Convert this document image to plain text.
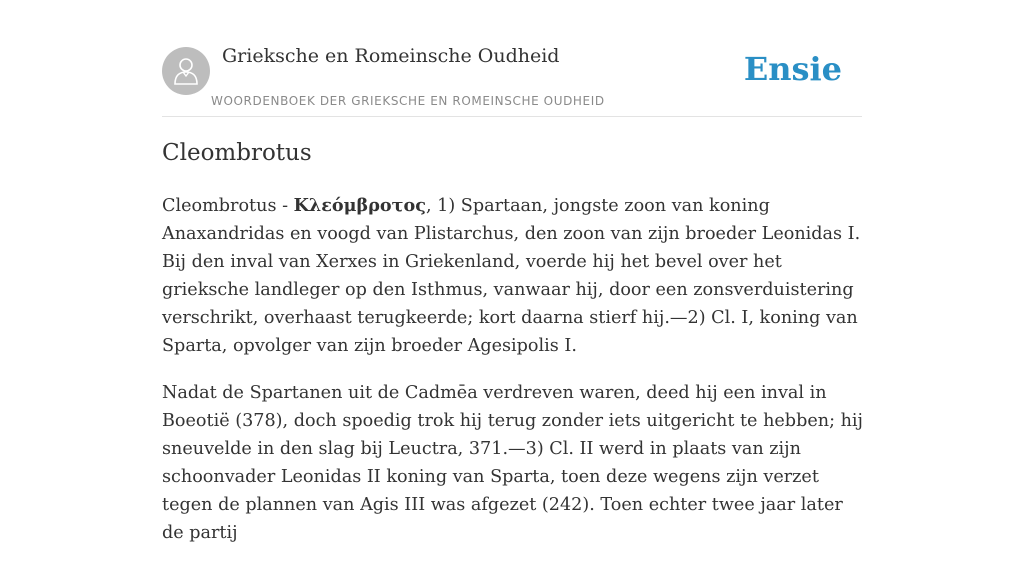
Grieksche en Romeinsche Oudheid
WOORDENBOEK DER GRIEKSCHE EN ROMEINSCHE OUDHEID
Ensie
Cleombrotus

Cleombrotus - Κλεόμβροτος, 1) Spartaan, jongste zoon van koning Anaxandridas en voogd van Plistarchus, den zoon van zijn broeder Leonidas I. Bij den inval van Xerxes in Griekenland, voerde hij het bevel over het grieksche landleger op den Isthmus, vanwaar hij, door een zonsverduistering verschrikt, overhaast terugkeerde; kort daarna stierf hij.—2) Cl. I, koning van Sparta, opvolger van zijn broeder Agesipolis I.

Nadat de Spartanen uit de Cadmēa verdreven waren, deed hij een inval in Boeotië (378), doch spoedig trok hij terug zonder iets uitgericht te hebben; hij sneuvelde in den slag bij Leuctra, 371.—3) Cl. II werd in plaats van zijn schoonvader Leonidas II koning van Sparta, toen deze wegens zijn verzet tegen de plannen van Agis III was afgezet (242). Toen echter twee jaar later de partij
